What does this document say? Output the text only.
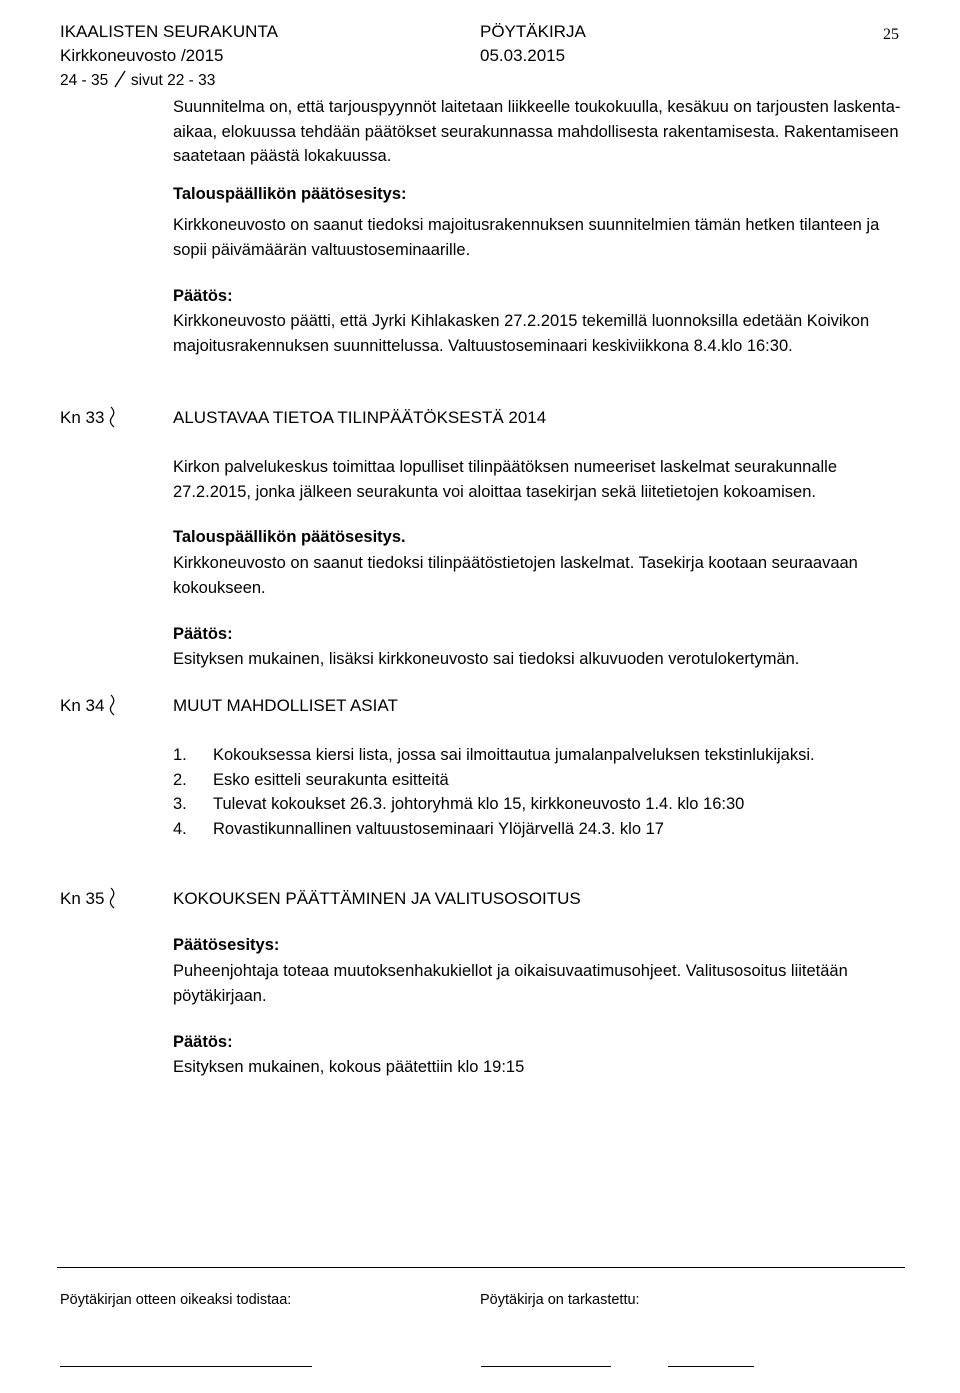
IKAALISTEN SEURAKUNTA	PÖYTÄKIRJA	25
Kirkkoneuvosto /2015	05.03.2015
24 - 35 sivut 22 - 33
Suunnitelma on, että tarjouspyynnöt laitetaan liikkeelle toukokuulla, kesäkuu on tarjousten laskenta-aikaa, elokuussa tehdään päätökset seurakunnassa mahdollisesta rakentamisesta. Rakentamiseen saatetaan päästä lokakuussa.
Talouspäällikön päätösesitys:
Kirkkoneuvosto on saanut tiedoksi majoitusrakennuksen suunnitelmien tämän hetken tilanteen ja sopii päivämäärän valtuustoseminaarille.
Päätös:
Kirkkoneuvosto päätti, että Jyrki Kihlakasken 27.2.2015 tekemillä luonnoksilla edetään Koivikon majoitusrakennuksen suunnittelussa. Valtuustoseminaari keskiviikkona 8.4.klo 16:30.
Kn 33	ALUSTAVAA TIETOA TILINPÄÄTÖKSESTÄ 2014
Kirkon palvelukeskus toimittaa lopulliset tilinpäätöksen numeeriset laskelmat seurakunnalle 27.2.2015, jonka jälkeen seurakunta voi aloittaa tasekirjan sekä liitetietojen kokoamisen.
Talouspäällikön päätösesitys.
Kirkkoneuvosto on saanut tiedoksi tilinpäätöstietojen laskelmat. Tasekirja kootaan seuraavaan kokoukseen.
Päätös:
Esityksen mukainen, lisäksi kirkkoneuvosto sai tiedoksi alkuvuoden verotulokertymän.
Kn 34	MUUT MAHDOLLISET ASIAT
1. Kokouksessa kiersi lista, jossa sai ilmoittautua jumalanpalveluksen tekstinlukijaksi.
2. Esko esitteli seurakunta esitteitä
3. Tulevat kokoukset 26.3. johtoryhmä klo 15, kirkkoneuvosto 1.4. klo 16:30
4. Rovastikunnallinen valtuustoseminaari Ylöjärvellä 24.3. klo 17
Kn 35	KOKOUKSEN PÄÄTTÄMINEN JA VALITUSOSOITUS
Päätösesitys:
Puheenjohtaja toteaa muutoksenhakukiellot ja oikaisuvaatimusohjeet. Valitusosoitus liitetään pöytäkirjaan.
Päätös:
Esityksen mukainen, kokous päätettiin klo 19:15
Pöytäkirjan otteen oikeaksi todistaa:	Pöytäkirja on tarkastettu:
